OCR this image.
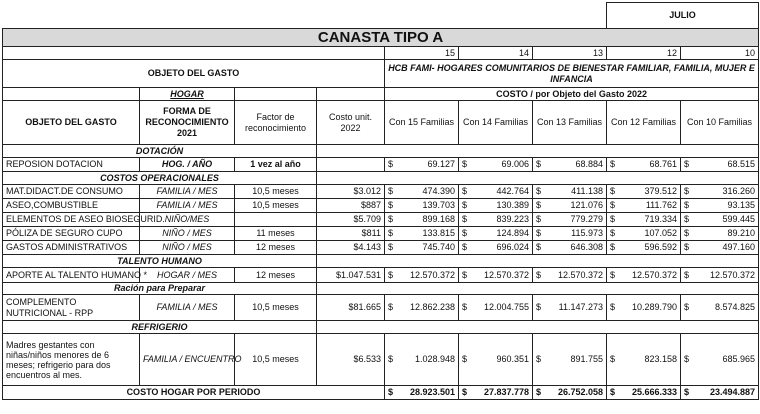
							JULIO	
CANASTA TIPO A								
				15	14	13	12	10
OBJETO DEL GASTO				HCB FAMI- HOGARES COMUNITARIOS DE BIENESTAR FAMILIAR, FAMILIA, MUJER E INFANCIA				
	HOGAR			COSTO / por Objeto del Gasto 2022				
OBJETO DEL GASTO	FORMA DE RECONOCIMIENTO 2021	Factor de reconocimiento	Costo unit. 2022	Con 15 Familias	Con 14 Familias	Con 13 Familias	Con 12 Familias	Con 10 Familias
DOTACIÓN								
REPOSION DOTACION	HOG. / AÑO	1 vez al año		$ 69.127	$ 69.006	$ 68.884	$ 68.761	$ 68.515

COSTOS OPERACIONALES								
MAT.DIDACT.DE CONSUMO	FAMILIA / MES	10,5 meses	$3.012	$ 474.390	$ 442.764	$ 411.138	$ 379.512	$ 316.260

ASEO,COMBUSTIBLE	FAMILIA / MES	10,5 meses	$887	$ 139.703	$ 130.389	$ 121.076	$ 111.762	$ 93.135

ELEMENTOS DE ASEO BIOSEGURID.	NIÑO/MES		$5.709	$ 899.168	$ 839.223	$ 779.279	$ 719.334	$ 599.445

PÓLIZA DE SEGURO CUPO	NIÑO / MES	11 meses	$811	$ 133.815	$ 124.894	$ 115.973	$ 107.052	$ 89.210

GASTOS ADMINISTRATIVOS	NIÑO / MES	12 meses	$4.143	$ 745.740	$ 696.024	$ 646.308	$ 596.592	$ 497.160

TALENTO HUMANO								
APORTE AL TALENTO HUMANO *	HOGAR / MES	12 meses	$1.047.531	$ 12.570.372	$ 12.570.372	$ 12.570.372	$ 12.570.372	$ 12.570.372

Ración para Preparar								
COMPLEMENTO NUTRICIONAL - RPP	FAMILIA / MES	10,5 meses	$81.665	$ 12.862.238	$ 12.004.755	$ 11.147.273	$ 10.289.790	$ 8.574.825

REFRIGERIO								
Madres gestantes con niñas/niños menores de 6 meses; refrigerio para dos encuentros al mes.	FAMILIA / ENCUENTRO	10,5 meses	$6.533	$ 1.028.948	$ 960.351	$ 891.755	$ 823.158	$ 685.965

COSTO HOGAR POR PERIODO				$ 28.923.501	$ 27.837.778	$ 26.752.058	$ 25.666.333	$ 23.494.887
